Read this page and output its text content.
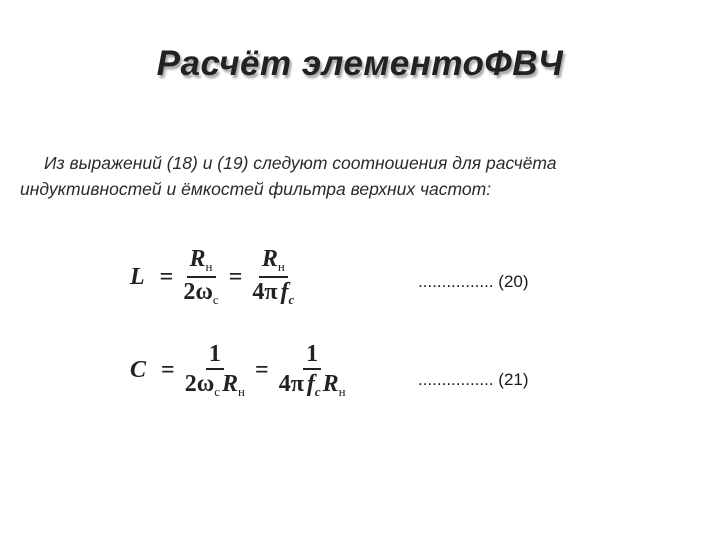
Расчёт элементоФВЧ
Из выражений (18) и (19) следуют соотношения для расчёта
индуктивностей и ёмкостей фильтра верхних частот:
$L = \frac{\text{R н}}{\text{2ω с}} = \frac{\text{R н}}{\text{4π f c}}$	................ (20)
$C = \frac{1}{\text{2ω с R н}} = \frac{1}{\text{4π f c R н}}$	................ (21)
